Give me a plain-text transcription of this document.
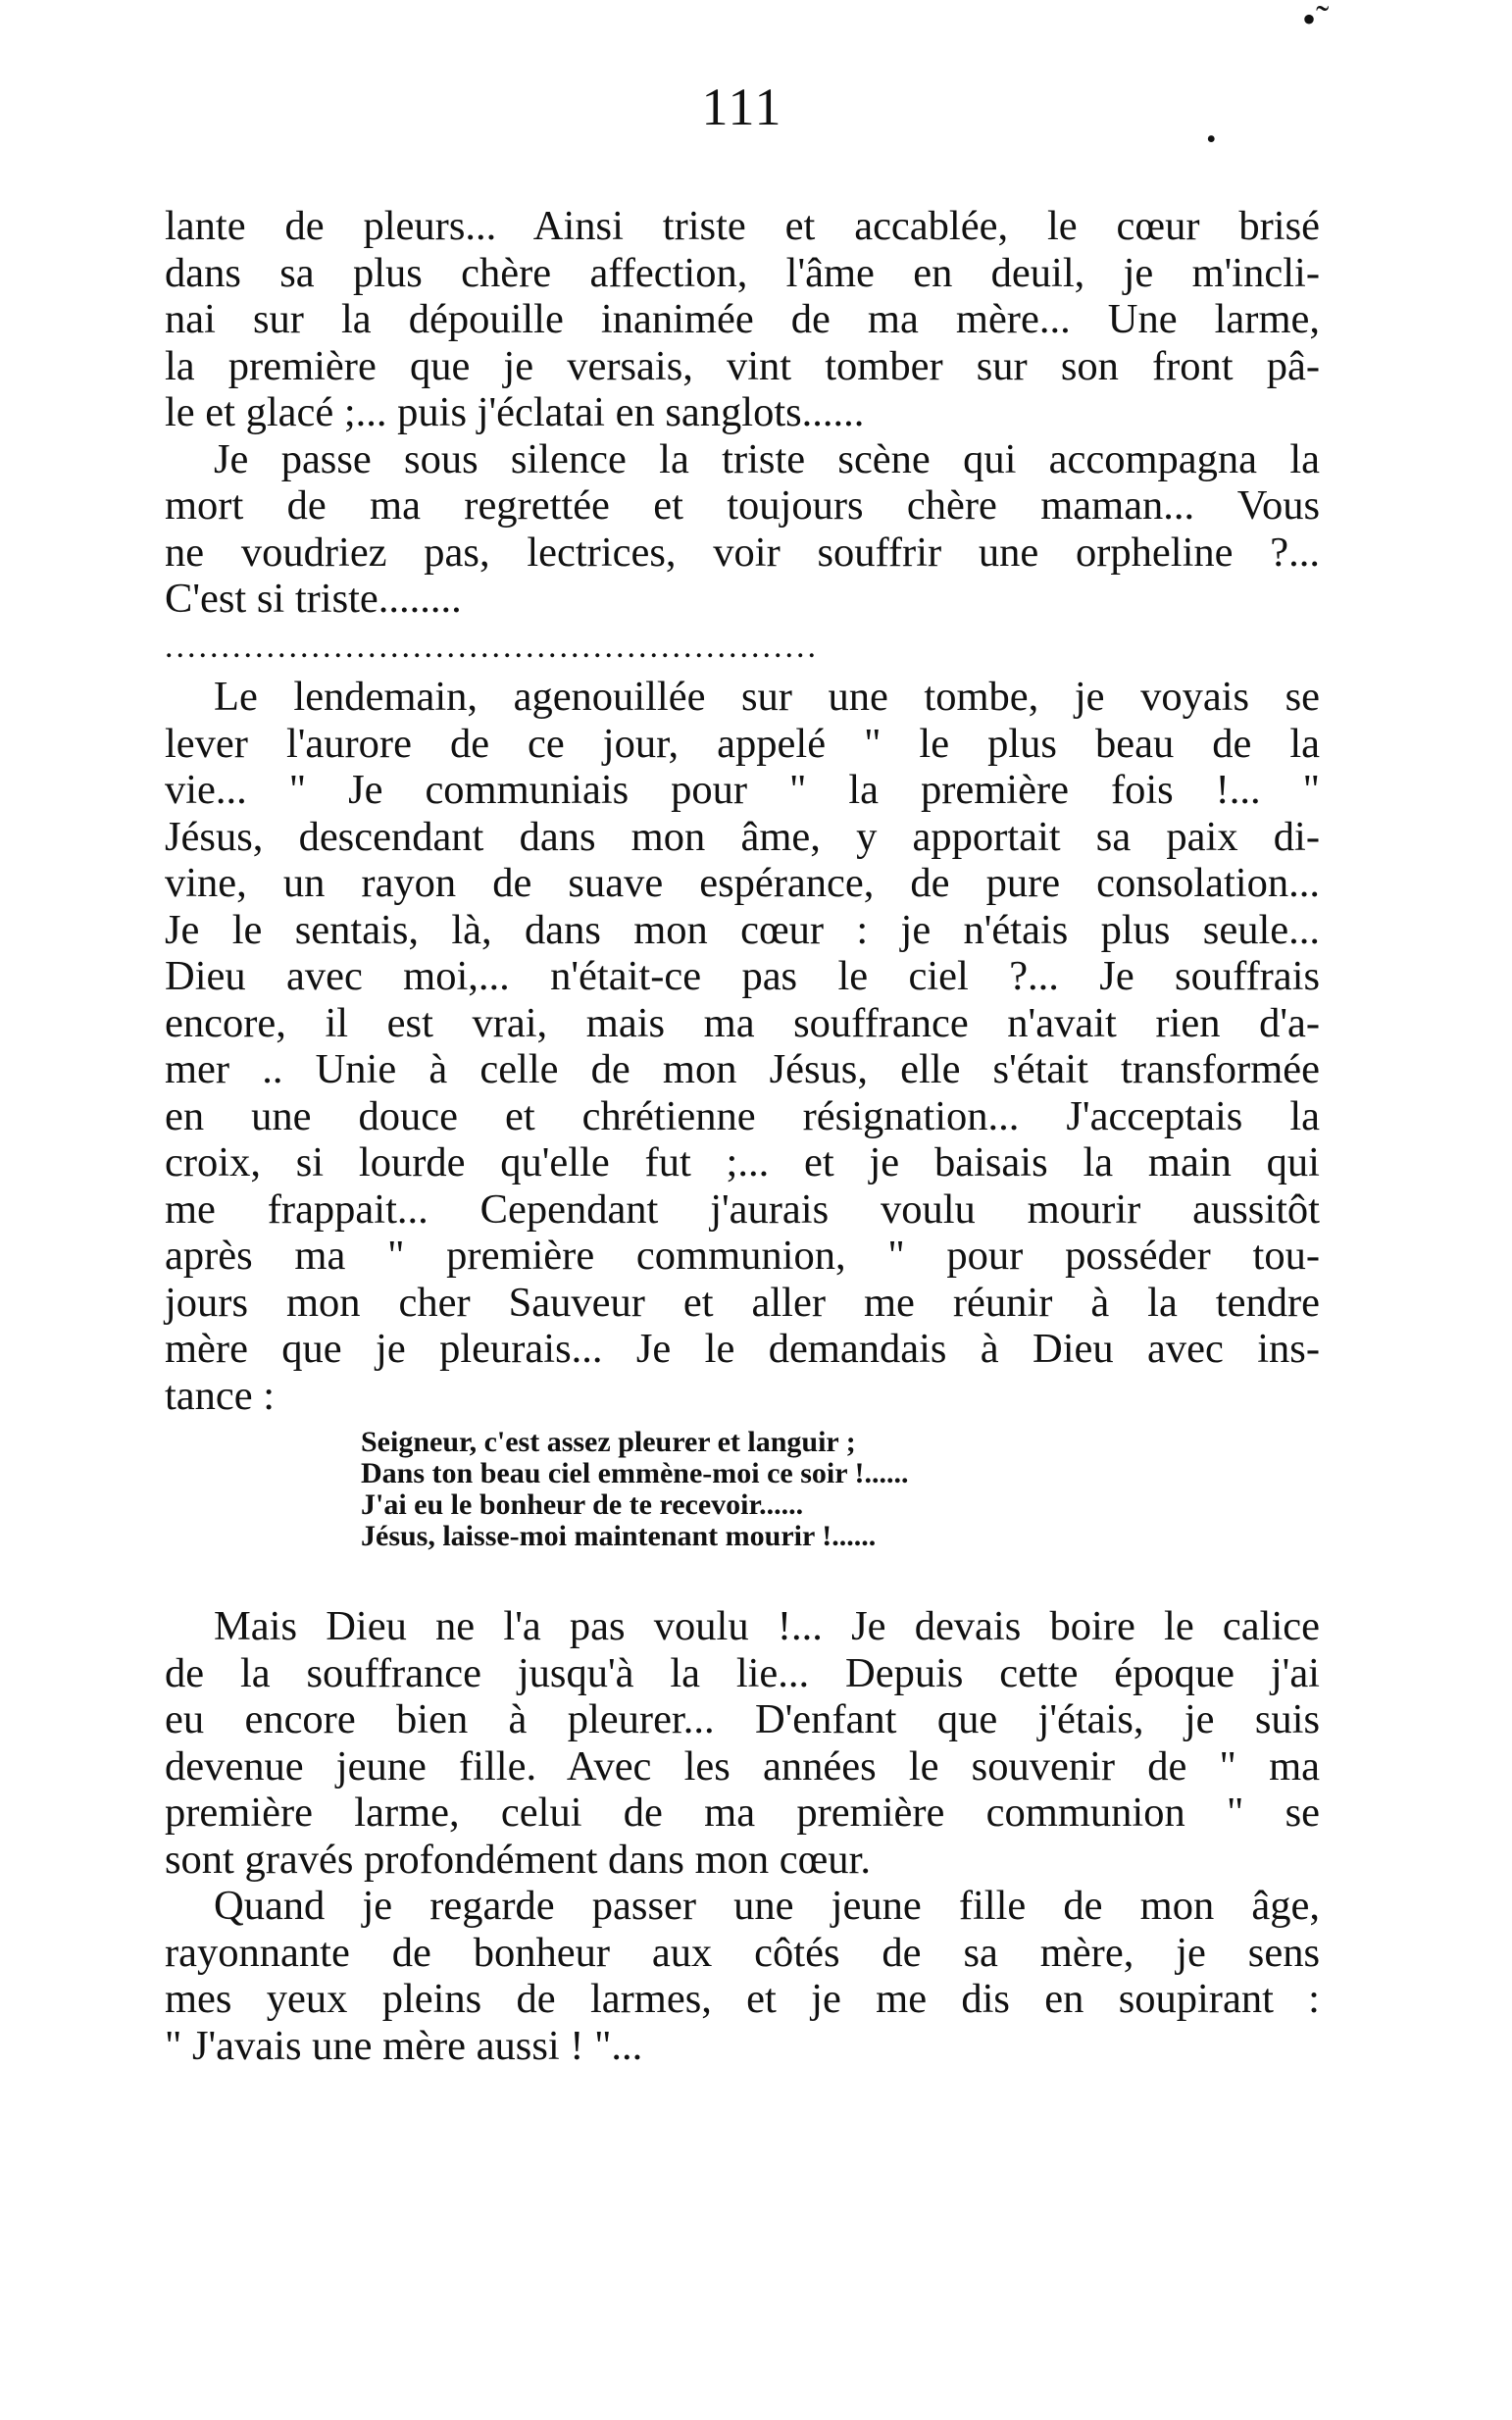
•˜
111	.
lante de pleurs... Ainsi triste et accablée, le cœur brisé
dans sa plus chère affection, l'âme en deuil, je m'incli-
nai sur la dépouille inanimée de ma mère... Une larme,
la première que je versais, vint tomber sur son front pâ-
le et glacé ;... puis j'éclatai en sanglots......
Je passe sous silence la triste scène qui accompagna la
mort de ma regrettée et toujours chère maman... Vous
ne voudriez pas, lectrices, voir souffrir une orpheline ?...
C'est si triste........
..........................................................
Le lendemain, agenouillée sur une tombe, je voyais se
lever l'aurore de ce jour, appelé " le plus beau de la
vie... " Je communiais pour " la première fois !... "
Jésus, descendant dans mon âme, y apportait sa paix di-
vine, un rayon de suave espérance, de pure consolation...
Je le sentais, là, dans mon cœur : je n'étais plus seule...
Dieu avec moi,... n'était-ce pas le ciel ?... Je souffrais
encore, il est vrai, mais ma souffrance n'avait rien d'a-
mer .. Unie à celle de mon Jésus, elle s'était transformée
en une douce et chrétienne résignation... J'acceptais la
croix, si lourde qu'elle fut ;... et je baisais la main qui
me frappait... Cependant j'aurais voulu mourir aussitôt
après ma " première communion, " pour posséder tou-
jours mon cher Sauveur et aller me réunir à la tendre
mère que je pleurais... Je le demandais à Dieu avec ins-
tance :
Seigneur, c'est assez pleurer et languir ;
Dans ton beau ciel emmène-moi ce soir !......
J'ai eu le bonheur de te recevoir......
Jésus, laisse-moi maintenant mourir !......
Mais Dieu ne l'a pas voulu !... Je devais boire le calice
de la souffrance jusqu'à la lie... Depuis cette époque j'ai
eu encore bien à pleurer... D'enfant que j'étais, je suis
devenue jeune fille. Avec les années le souvenir de " ma
première larme, celui de ma première communion " se
sont gravés profondément dans mon cœur.
Quand je regarde passer une jeune fille de mon âge,
rayonnante de bonheur aux côtés de sa mère, je sens
mes yeux pleins de larmes, et je me dis en soupirant :
" J'avais une mère aussi ! "...
